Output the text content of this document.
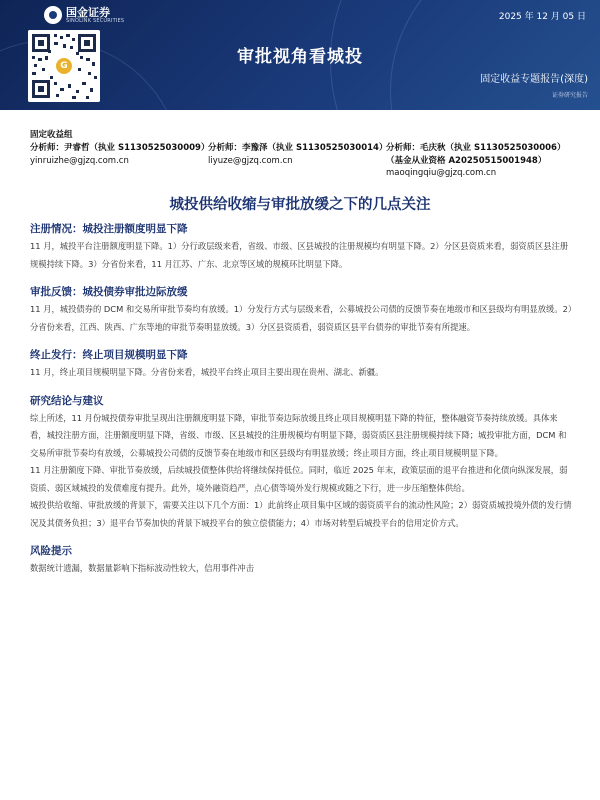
国金证券
SINOLINK SECURITIES	2025 年 12 月 05 日
G	审批视角看城投
固定收益专题报告(深度)
证券研究报告
固定收益组
分析师：尹睿哲（执业 S1130525030009）
yinruizhe@gjzq.com.cn
分析师：李豫泽（执业 S1130525030014）
liyuze@gjzq.com.cn
分析师：毛庆秋（执业 S1130525030006）
（基金从业资格 A20250515001948）
maoqingqiu@gjzq.com.cn
城投供给收缩与审批放缓之下的几点关注
注册情况：城投注册额度明显下降

11 月，城投平台注册额度明显下降。1）分行政层级来看，省级、市级、区县城投的注册规模均有明显下降。2）分区县资质来看，弱资质区县注册规模持续下降。3）分省份来看，11 月江苏、广东、北京等区域的规模环比明显下降。

审批反馈：城投债券审批边际放缓

11 月，城投债券的 DCM 和交易所审批节奏均有放缓。1）分发行方式与层级来看，公募城投公司债的反馈节奏在地级市和区县级均有明显放缓。2）分省份来看，江西、陕西、广东等地的审批节奏明显放缓。3）分区县资质看，弱资质区县平台债券的审批节奏有所提速。

终止发行：终止项目规模明显下降

11 月，终止项目规模明显下降。分省份来看，城投平台终止项目主要出现在贵州、湖北、新疆。

研究结论与建议

综上所述，11 月份城投债券审批呈现出注册额度明显下降，审批节奏边际放缓且终止项目规模明显下降的特征，整体融资节奏持续放缓。具体来看，城投注册方面，注册额度明显下降，省级、市级、区县城投的注册规模均有明显下降，弱资质区县注册规模持续下降；城投审批方面，DCM 和交易所审批节奏均有放缓，公募城投公司债的反馈节奏在地级市和区县级均有明显放缓；终止项目方面，终止项目规模明显下降。

11 月注册额度下降、审批节奏放缓，后续城投债整体供给将继续保持低位。同时，临近 2025 年末，政策层面的退平台推进和化债向纵深发展，弱资质、弱区域城投的发债难度有提升。此外，境外融资趋严，点心债等境外发行规模或随之下行，进一步压缩整体供给。

城投供给收缩、审批放缓的背景下，需要关注以下几个方面：1）此前终止项目集中区域的弱资质平台的流动性风险；2）弱资质城投境外债的发行情况及其债务负担；3）退平台节奏加快的背景下城投平台的独立偿债能力；4）市场对转型后城投平台的信用定价方式。

风险提示

数据统计遗漏，数据量影响下指标波动性较大，信用事件冲击
